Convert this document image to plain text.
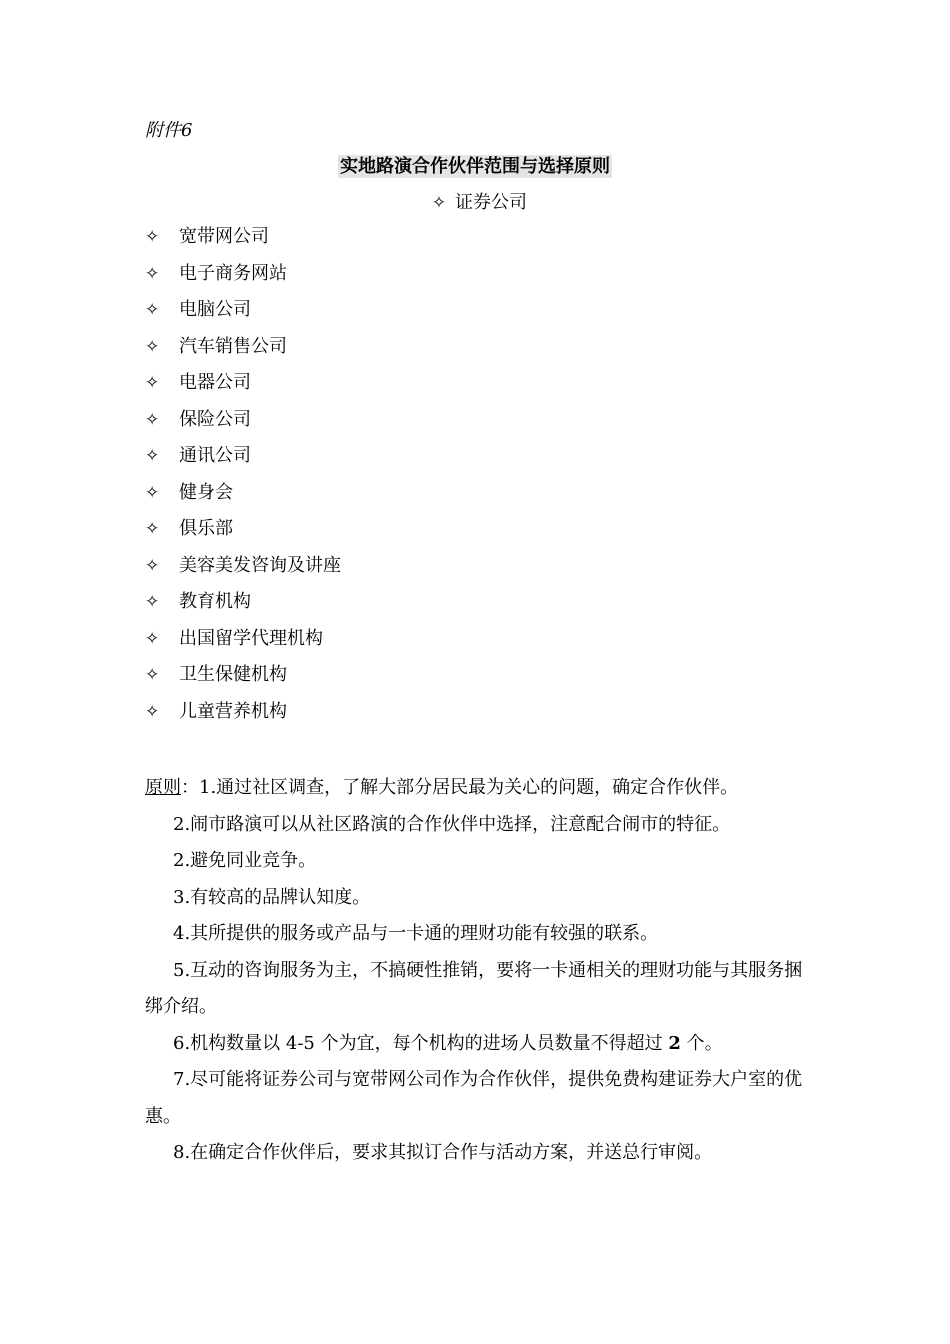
附件6
实地路演合作伙伴范围与选择原则
✧ 证券公司
✧ 宽带网公司
✧ 电子商务网站
✧ 电脑公司
✧ 汽车销售公司
✧ 电器公司
✧ 保险公司
✧ 通讯公司
✧ 健身会
✧ 俱乐部
✧ 美容美发咨询及讲座
✧ 教育机构
✧ 出国留学代理机构
✧ 卫生保健机构
✧ 儿童营养机构

原则：1.通过社区调查，了解大部分居民最为关心的问题，确定合作伙伴。

2.闹市路演可以从社区路演的合作伙伴中选择，注意配合闹市的特征。

2.避免同业竞争。

3.有较高的品牌认知度。

4.其所提供的服务或产品与一卡通的理财功能有较强的联系。

5.互动的咨询服务为主，不搞硬性推销，要将一卡通相关的理财功能与其服务捆绑介绍。

6.机构数量以 4-5 个为宜，每个机构的进场人员数量不得超过 2 个。

7.尽可能将证券公司与宽带网公司作为合作伙伴，提供免费构建证券大户室的优惠。

8.在确定合作伙伴后，要求其拟订合作与活动方案，并送总行审阅。
